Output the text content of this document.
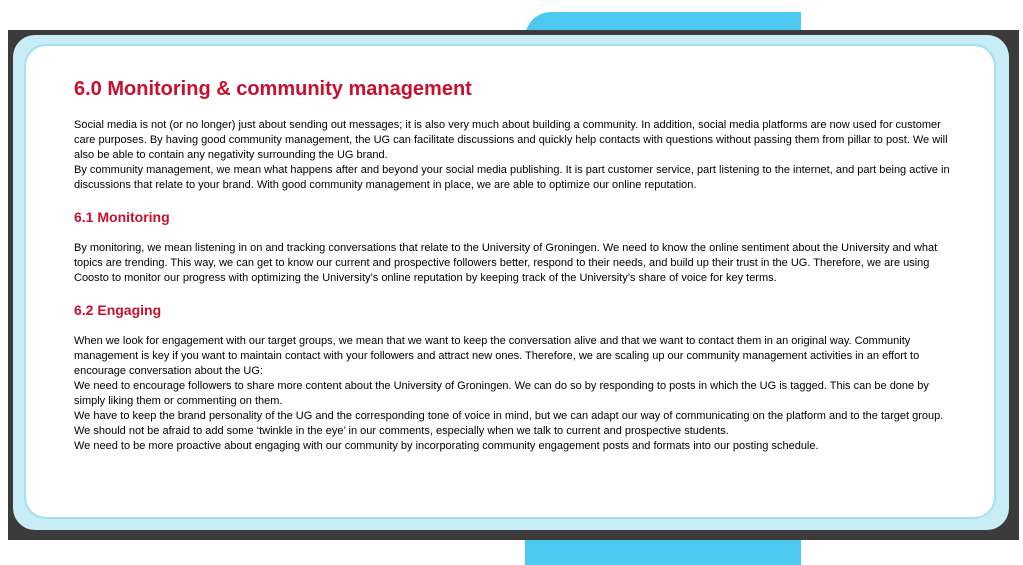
6.0 Monitoring & community management

Social media is not (or no longer) just about sending out messages; it is also very much about building a community. In addition, social media platforms are now used for customer care purposes. By having good community management, the UG can facilitate discussions and quickly help contacts with questions without passing them from pillar to post. We will also be able to contain any negativity surrounding the UG brand.

By community management, we mean what happens after and beyond your social media publishing. It is part customer service, part listening to the internet, and part being active in discussions that relate to your brand. With good community management in place, we are able to optimize our online reputation.

6.1 Monitoring

By monitoring, we mean listening in on and tracking conversations that relate to the University of Groningen. We need to know the online sentiment about the University and what topics are trending. This way, we can get to know our current and prospective followers better, respond to their needs, and build up their trust in the UG. Therefore, we are using Coosto to monitor our progress with optimizing the University’s online reputation by keeping track of the University’s share of voice for key terms.

6.2 Engaging

When we look for engagement with our target groups, we mean that we want to keep the conversation alive and that we want to contact them in an original way. Community management is key if you want to maintain contact with your followers and attract new ones. Therefore, we are scaling up our community management activities in an effort to encourage conversation about the UG:

We need to encourage followers to share more content about the University of Groningen. We can do so by responding to posts in which the UG is tagged. This can be done by simply liking them or commenting on them.

We have to keep the brand personality of the UG and the corresponding tone of voice in mind, but we can adapt our way of communicating on the platform and to the target group. We should not be afraid to add some ‘twinkle in the eye’ in our comments, especially when we talk to current and prospective students.

We need to be more proactive about engaging with our community by incorporating community engagement posts and formats into our posting schedule.
